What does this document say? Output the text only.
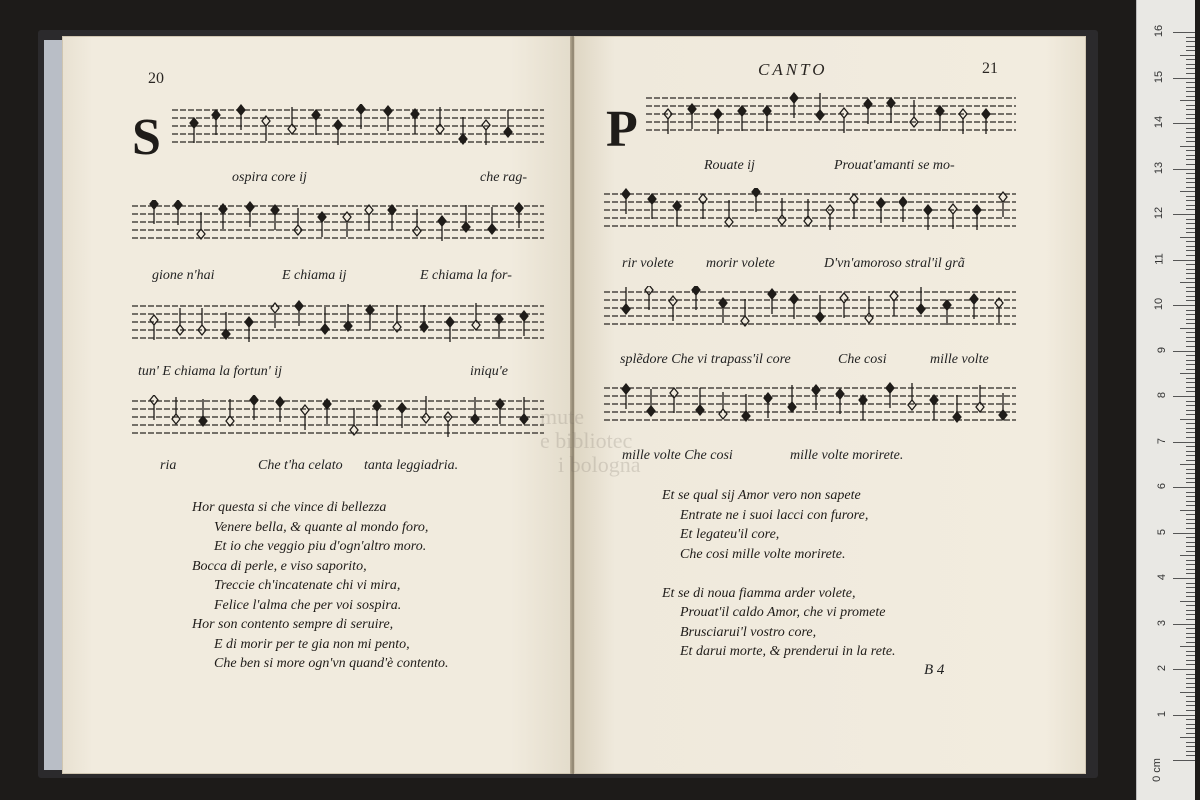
20
S
ospira core ij	che rag-
gione n'hai	E chiama ij	E chiama la for-
tun' E chiama la fortun' ij	iniqu'e
ria	Che t'ha celato tanta leggiadria.
Hor questa si che vince di bellezza
Venere bella, & quante al mondo foro,
Et io che veggio piu d'ogn'altro moro.
Bocca di perle, e viso saporito,
Treccie ch'incatenate chi vi mira,
Felice l'alma che per voi sospira.
Hor son contento sempre di seruire,
E di morir per te gia non mi pento,
Che ben si more ogn'vn quand'è contento.
CANTO	21
P
Rouate ij	Prouat'amanti se mo-
rir volete morir volete	D'vn'amoroso stral'il grã
splẽdore Che vi trapass'il core	Che cosi	mille volte
mille volte Che cosi	mille volte morirete.
mute
e bibliotec
i bologna
Et se qual sij Amor vero non sapete
Entrate ne i suoi lacci con furore,
Et legateu'il core,
Che cosi mille volte morirete.
Et se di noua fiamma arder volete,
Prouat'il caldo Amor, che vi promete
Brusciarui'l vostro core,
Et darui morte, & prenderui in la rete.
B 4
0 cm
1
2
3
4
5
6
7
8
9
10
11
12
13
14
15
16
